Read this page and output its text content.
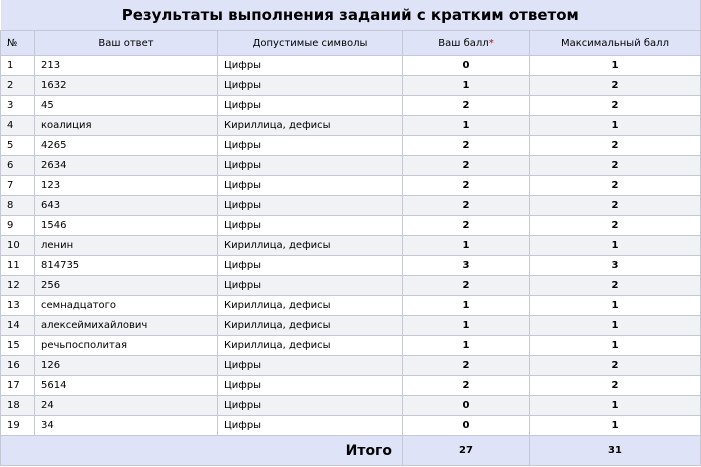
Результаты выполнения заданий с кратким ответом				
№	Ваш ответ	Допустимые символы	Ваш балл*	Максимальный балл
1	213	Цифры	0	1
2	1632	Цифры	1	2
3	45	Цифры	2	2
4	коалиция	Кириллица, дефисы	1	1
5	4265	Цифры	2	2
6	2634	Цифры	2	2
7	123	Цифры	2	2
8	643	Цифры	2	2
9	1546	Цифры	2	2
10	ленин	Кириллица, дефисы	1	1
11	814735	Цифры	3	3
12	256	Цифры	2	2
13	семнадцатого	Кириллица, дефисы	1	1
14	алексеймихайлович	Кириллица, дефисы	1	1
15	речьпосполитая	Кириллица, дефисы	1	1
16	126	Цифры	2	2
17	5614	Цифры	2	2
18	24	Цифры	0	1
19	34	Цифры	0	1
Итого			27	31
